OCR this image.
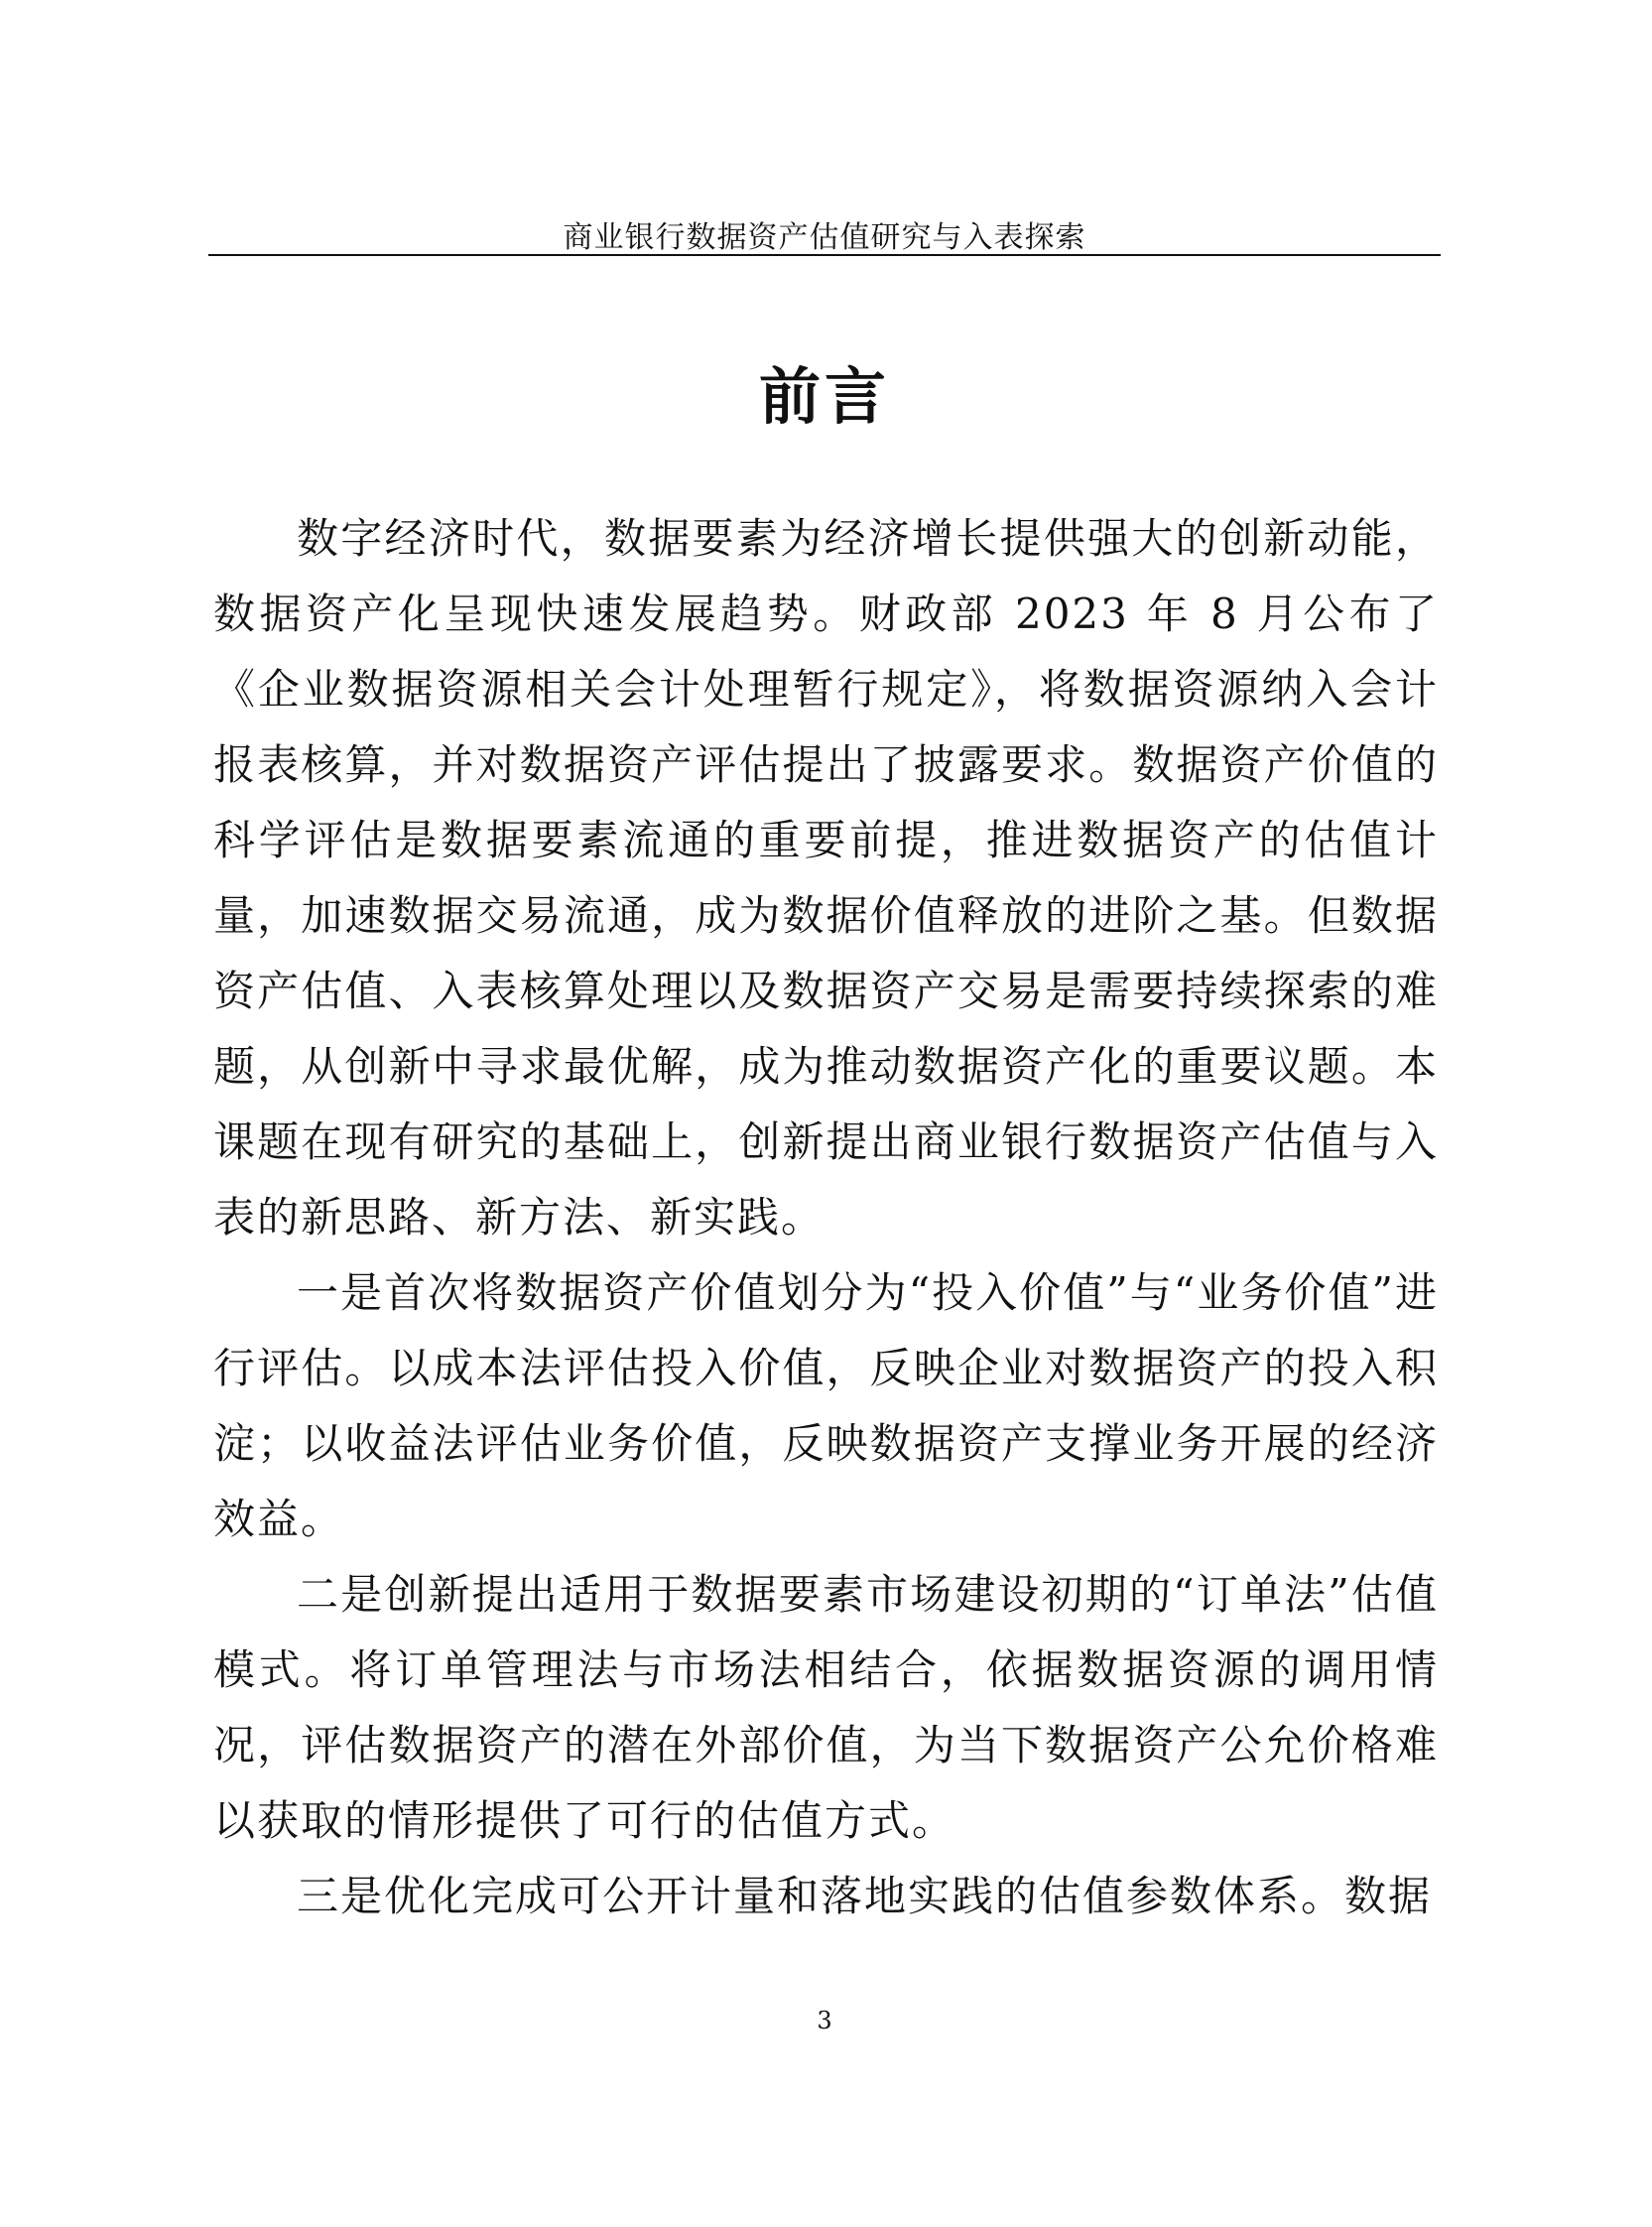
商业银行数据资产估值研究与入表探索
前言

数字经济时代，数据要素为经济增长提供强大的创新动能，数据资产化呈现快速发展趋势。财政部 2023 年 8 月公布了《企业数据资源相关会计处理暂行规定》，将数据资源纳入会计报表核算，并对数据资产评估提出了披露要求。数据资产价值的科学评估是数据要素流通的重要前提，推进数据资产的估值计量，加速数据交易流通，成为数据价值释放的进阶之基。但数据资产估值、入表核算处理以及数据资产交易是需要持续探索的难题，从创新中寻求最优解，成为推动数据资产化的重要议题。本课题在现有研究的基础上，创新提出商业银行数据资产估值与入表的新思路、新方法、新实践。

一是首次将数据资产价值划分为“投入价值”与“业务价值”进行评估。以成本法评估投入价值，反映企业对数据资产的投入积淀；以收益法评估业务价值，反映数据资产支撑业务开展的经济效益。

二是创新提出适用于数据要素市场建设初期的“订单法”估值模式。将订单管理法与市场法相结合，依据数据资源的调用情况，评估数据资产的潜在外部价值，为当下数据资产公允价格难以获取的情形提供了可行的估值方式。

三是优化完成可公开计量和落地实践的估值参数体系。数据

3
